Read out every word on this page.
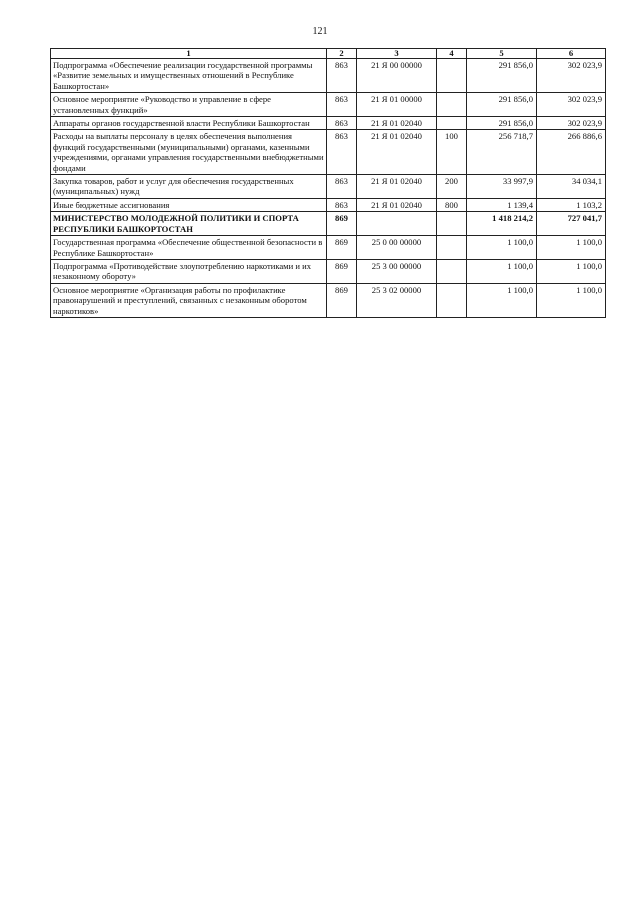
121
1	2	3	4	5	6
Подпрограмма «Обеспечение реализации государственной программы «Развитие земельных и имущественных отношений в Республике Башкортостан»	863	21 Я 00 00000		291 856,0	302 023,9
Основное мероприятие «Руководство и управление в сфере установленных функций»	863	21 Я 01 00000		291 856,0	302 023,9
Аппараты органов государственной власти Республики Башкортостан	863	21 Я 01 02040		291 856,0	302 023,9
Расходы на выплаты персоналу в целях обеспечения выполнения функций государственными (муниципальными) органами, казенными учреждениями, органами управления государственными внебюджетными фондами	863	21 Я 01 02040	100	256 718,7	266 886,6
Закупка товаров, работ и услуг для обеспечения государственных (муниципальных) нужд	863	21 Я 01 02040	200	33 997,9	34 034,1
Иные бюджетные ассигнования	863	21 Я 01 02040	800	1 139,4	1 103,2
МИНИСТЕРСТВО МОЛОДЕЖНОЙ ПОЛИТИКИ И СПОРТА РЕСПУБЛИКИ БАШКОРТОСТАН	869			1 418 214,2	727 041,7
Государственная программа «Обеспечение общественной безопасности в Республике Башкортостан»	869	25 0 00 00000		1 100,0	1 100,0
Подпрограмма «Противодействие злоупотреблению наркотиками и их незаконному обороту»	869	25 3 00 00000		1 100,0	1 100,0
Основное мероприятие «Организация работы по профилактике правонарушений и преступлений, связанных с незаконным оборотом наркотиков»	869	25 3 02 00000		1 100,0	1 100,0
